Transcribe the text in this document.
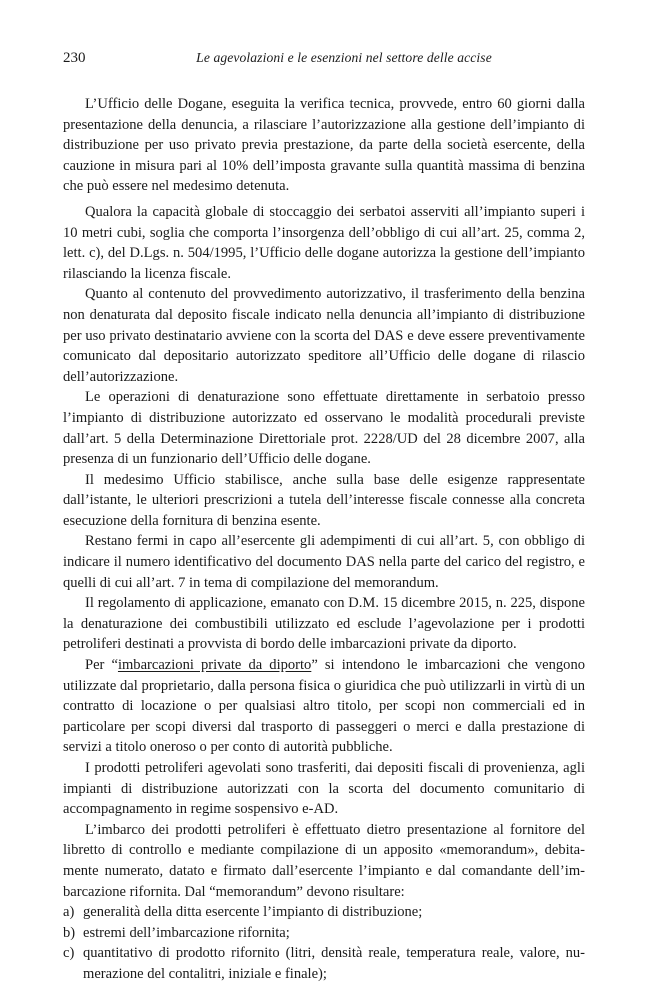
230	Le agevolazioni e le esenzioni nel settore delle accise

L’Ufficio delle Dogane, eseguita la verifica tecnica, provvede, entro 60 giorni dalla presentazione della denuncia, a rilasciare l’autorizzazione alla gestione dell’impianto di distribuzione per uso privato previa prestazione, da parte della società esercente, della cauzione in misura pari al 10% dell’imposta gravante sulla quantità massima di benzina che può essere nel medesimo detenuta.

Qualora la capacità globale di stoccaggio dei serbatoi asserviti all’impianto superi i 10 metri cubi, soglia che comporta l’insorgenza dell’obbligo di cui all’art. 25, comma 2, lett. c), del D.Lgs. n. 504/1995, l’Ufficio delle dogane autorizza la gestione dell’impianto rilasciando la licenza fiscale.

Quanto al contenuto del provvedimento autorizzativo, il trasferimento della benzina non denaturata dal deposito fiscale indicato nella denuncia all’impianto di distribuzione per uso privato destinatario avviene con la scorta del DAS e deve essere preventivamente comunicato dal depositario autorizzato speditore all’Ufficio delle dogane di rilascio dell’autorizzazione.

Le operazioni di denaturazione sono effettuate direttamente in serbatoio presso l’impianto di distribuzione autorizzato ed osservano le modalità procedurali previste dall’art. 5 della Determinazione Direttoriale prot. 2228/UD del 28 dicembre 2007, alla presenza di un funzionario dell’Ufficio delle dogane.

Il medesimo Ufficio stabilisce, anche sulla base delle esigenze rappresentate dall’istante, le ulteriori prescrizioni a tutela dell’interesse fiscale connesse alla concreta esecuzione della fornitura di benzina esente.

Restano fermi in capo all’esercente gli adempimenti di cui all’art. 5, con obbligo di indicare il numero identificativo del documento DAS nella parte del carico del registro, e quelli di cui all’art. 7 in tema di compilazione del memorandum.

Il regolamento di applicazione, emanato con D.M. 15 dicembre 2015, n. 225, dispone la denaturazione dei combustibili utilizzato ed esclude l’agevolazione per i prodotti petroliferi destinati a provvista di bordo delle imbarcazioni private da diporto.

Per “imbarcazioni private da diporto” si intendono le imbarcazioni che vengono utilizzate dal proprietario, dalla persona fisica o giuridica che può utilizzarli in virtù di un contratto di locazione o per qualsiasi altro titolo, per scopi non commerciali ed in particolare per scopi diversi dal trasporto di passeggeri o merci e dalla prestazione di servizi a titolo oneroso o per conto di autorità pubbliche.

I prodotti petroliferi agevolati sono trasferiti, dai depositi fiscali di provenienza, agli impianti di distribuzione autorizzati con la scorta del documento comunitario di accompagnamento in regime sospensivo e-AD.

L’imbarco dei prodotti petroliferi è effettuato dietro presentazione al fornitore del libretto di controllo e mediante compilazione di un apposito «memorandum», debitamente numerato, datato e firmato dall’esercente l’impianto e dal comandante dell’imbarcazione rifornita. Dal “memorandum” devono risultare:

a) generalità della ditta esercente l’impianto di distribuzione;
b) estremi dell’imbarcazione rifornita;
c) quantitativo di prodotto rifornito (litri, densità reale, temperatura reale, valore, numerazione del contalitri, iniziale e finale);
